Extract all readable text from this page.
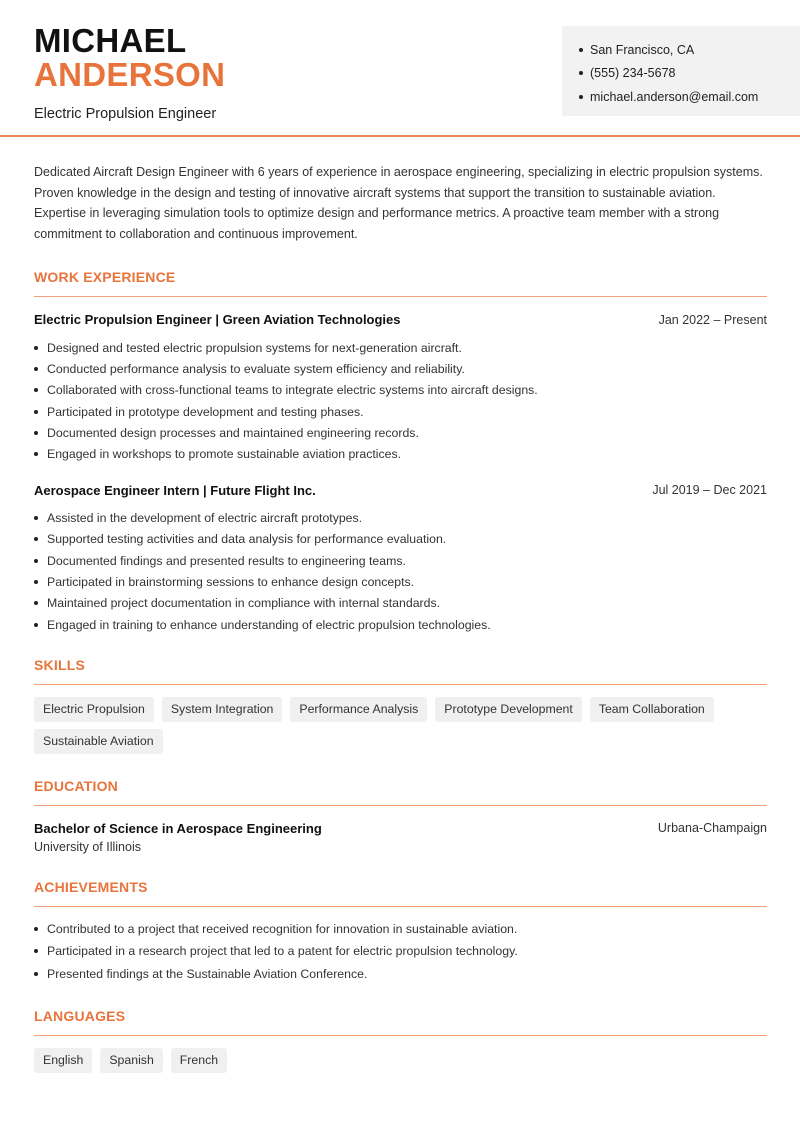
MICHAEL
ANDERSON
Electric Propulsion Engineer
San Francisco, CA
(555) 234-5678
michael.anderson@email.com

Dedicated Aircraft Design Engineer with 6 years of experience in aerospace engineering, specializing in electric propulsion systems. Proven knowledge in the design and testing of innovative aircraft systems that support the transition to sustainable aviation. Expertise in leveraging simulation tools to optimize design and performance metrics. A proactive team member with a strong commitment to collaboration and continuous improvement.

WORK EXPERIENCE
Electric Propulsion Engineer | Green Aviation Technologies	Jan 2022 – Present
Designed and tested electric propulsion systems for next-generation aircraft.
Conducted performance analysis to evaluate system efficiency and reliability.
Collaborated with cross-functional teams to integrate electric systems into aircraft designs.
Participated in prototype development and testing phases.
Documented design processes and maintained engineering records.
Engaged in workshops to promote sustainable aviation practices.
Aerospace Engineer Intern | Future Flight Inc.	Jul 2019 – Dec 2021
Assisted in the development of electric aircraft prototypes.
Supported testing activities and data analysis for performance evaluation.
Documented findings and presented results to engineering teams.
Participated in brainstorming sessions to enhance design concepts.
Maintained project documentation in compliance with internal standards.
Engaged in training to enhance understanding of electric propulsion technologies.
SKILLS
Electric Propulsion	System Integration	Performance Analysis	Prototype Development	Team Collaboration
Sustainable Aviation
EDUCATION
Bachelor of Science in Aerospace Engineering	Urbana-Champaign
University of Illinois
ACHIEVEMENTS
Contributed to a project that received recognition for innovation in sustainable aviation.
Participated in a research project that led to a patent for electric propulsion technology.
Presented findings at the Sustainable Aviation Conference.
LANGUAGES
English	Spanish	French
